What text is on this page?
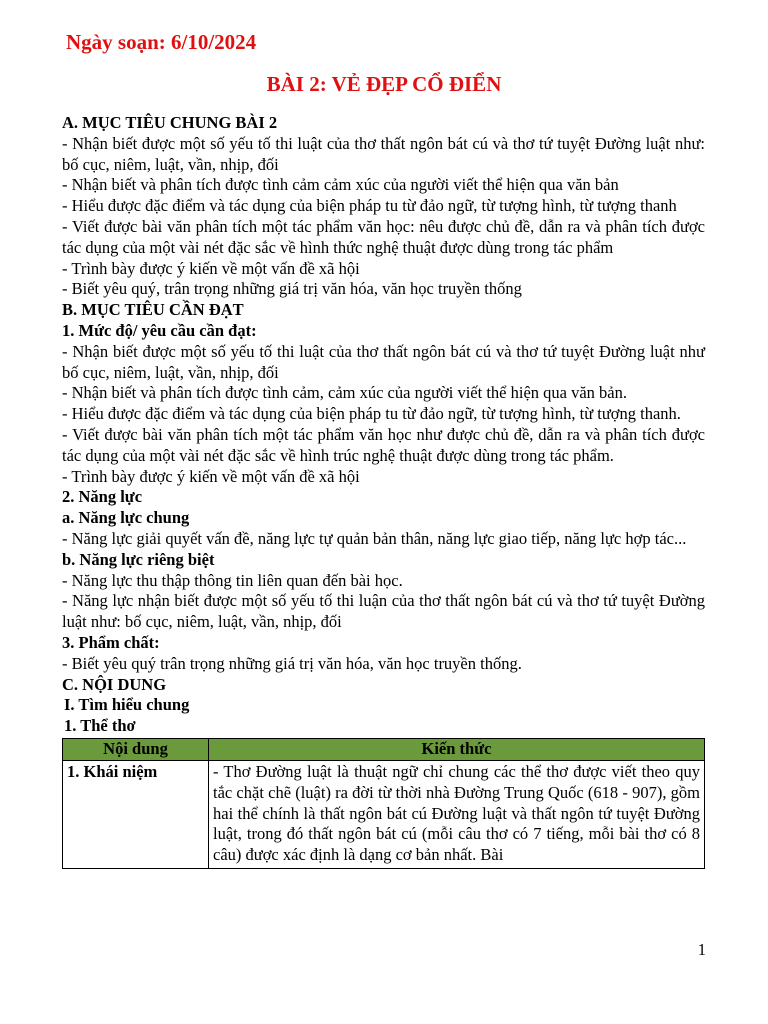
Ngày soạn: 6/10/2024
BÀI 2: VẺ ĐẸP CỔ ĐIỂN

A. MỤC TIÊU CHUNG BÀI 2

- Nhận biết được một số yếu tố thi luật của thơ thất ngôn bát cú và thơ tứ tuyệt Đường luật như: bố cục, niêm, luật, vần, nhịp, đối

- Nhận biết và phân tích được tình cảm cảm xúc của người viết thể hiện qua văn bản

- Hiểu được đặc điểm và tác dụng của biện pháp tu từ đảo ngữ, từ tượng hình, từ tượng thanh

- Viết được bài văn phân tích một tác phẩm văn học: nêu được chủ đề, dẫn ra và phân tích được tác dụng của một vài nét đặc sắc về hình thức nghệ thuật được dùng trong tác phẩm

- Trình bày được ý kiến về một vấn đề xã hội

- Biết yêu quý, trân trọng những giá trị văn hóa, văn học truyền thống

B. MỤC TIÊU CẦN ĐẠT

1. Mức độ/ yêu cầu cần đạt:

- Nhận biết được một số yếu tố thi luật của thơ thất ngôn bát cú và thơ tứ tuyệt Đường luật như bố cục, niêm, luật, vần, nhịp, đối

- Nhận biết và phân tích được tình cảm, cảm xúc của người viết thể hiện qua văn bản.

- Hiểu được đặc điểm và tác dụng của biện pháp tu từ đảo ngữ, từ tượng hình, từ tượng thanh.

- Viết được bài văn phân tích một tác phẩm văn học như được chủ đề, dẫn ra và phân tích được tác dụng của một vài nét đặc sắc về hình trúc nghệ thuật được dùng trong tác phẩm.

- Trình bày được ý kiến về một vấn đề xã hội

2. Năng lực

a. Năng lực chung

- Năng lực giải quyết vấn đề, năng lực tự quản bản thân, năng lực giao tiếp, năng lực hợp tác...

b. Năng lực riêng biệt

- Năng lực thu thập thông tin liên quan đến bài học.

- Năng lực nhận biết được một số yếu tố thi luận của thơ thất ngôn bát cú và thơ tứ tuyệt Đường luật như: bố cục, niêm, luật, vần, nhịp, đối

3. Phẩm chất:

- Biết yêu quý trân trọng những giá trị văn hóa, văn học truyền thống.

C. NỘI DUNG

I. Tìm hiểu chung

1. Thể thơ

Nội dung	Kiến thức
1. Khái niệm	- Thơ Đường luật là thuật ngữ chỉ chung các thể thơ được viết theo quy tắc chặt chẽ (luật) ra đời từ thời nhà Đường Trung Quốc (618 - 907), gồm hai thể chính là thất ngôn bát cú Đường luật và thất ngôn tứ tuyệt Đường luật, trong đó thất ngôn bát cú (mỗi câu thơ có 7 tiếng, mỗi bài thơ có 8 câu) được xác định là dạng cơ bản nhất. Bài
1
